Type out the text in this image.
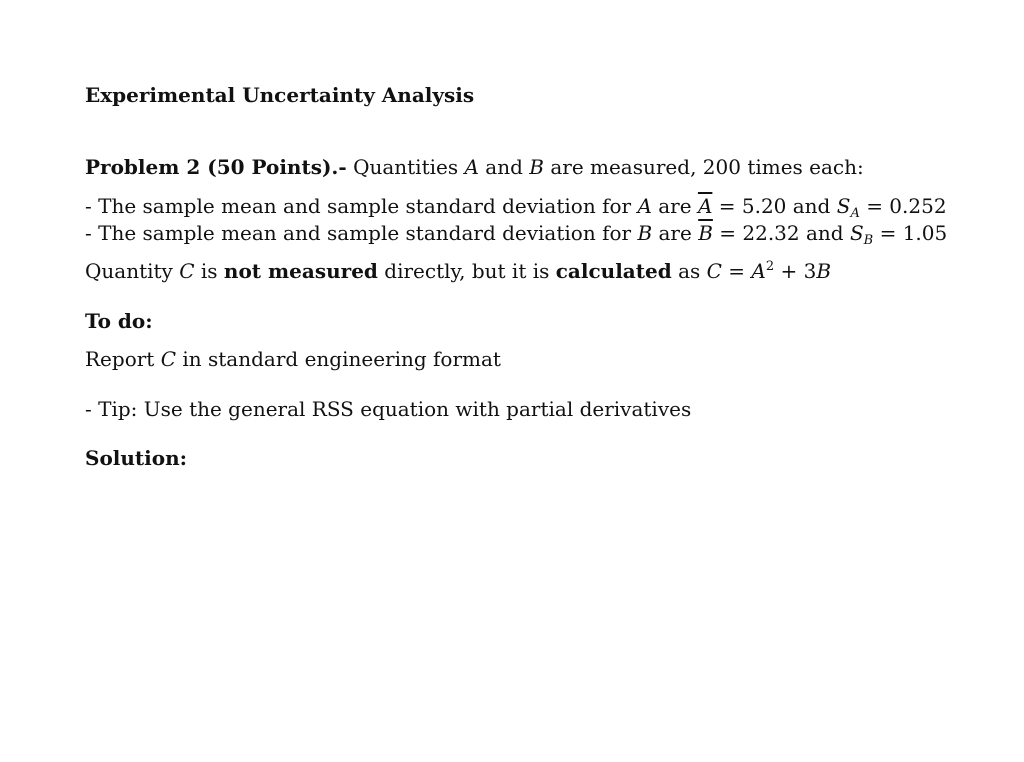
Experimental Uncertainty Analysis
Problem 2 (50 Points).- Quantities A and B are measured, 200 times each:
- The sample mean and sample standard deviation for A are $\overline{A} = 5.20$ and $S_A = 0.252$
- The sample mean and sample standard deviation for B are $\overline{B} = 22.32$ and $S_B = 1.05$
Quantity C is not measured directly, but it is calculated as $C = A^2 + 3B$
To do:
Report C in standard engineering format
- Tip: Use the general RSS equation with partial derivatives
Solution:
